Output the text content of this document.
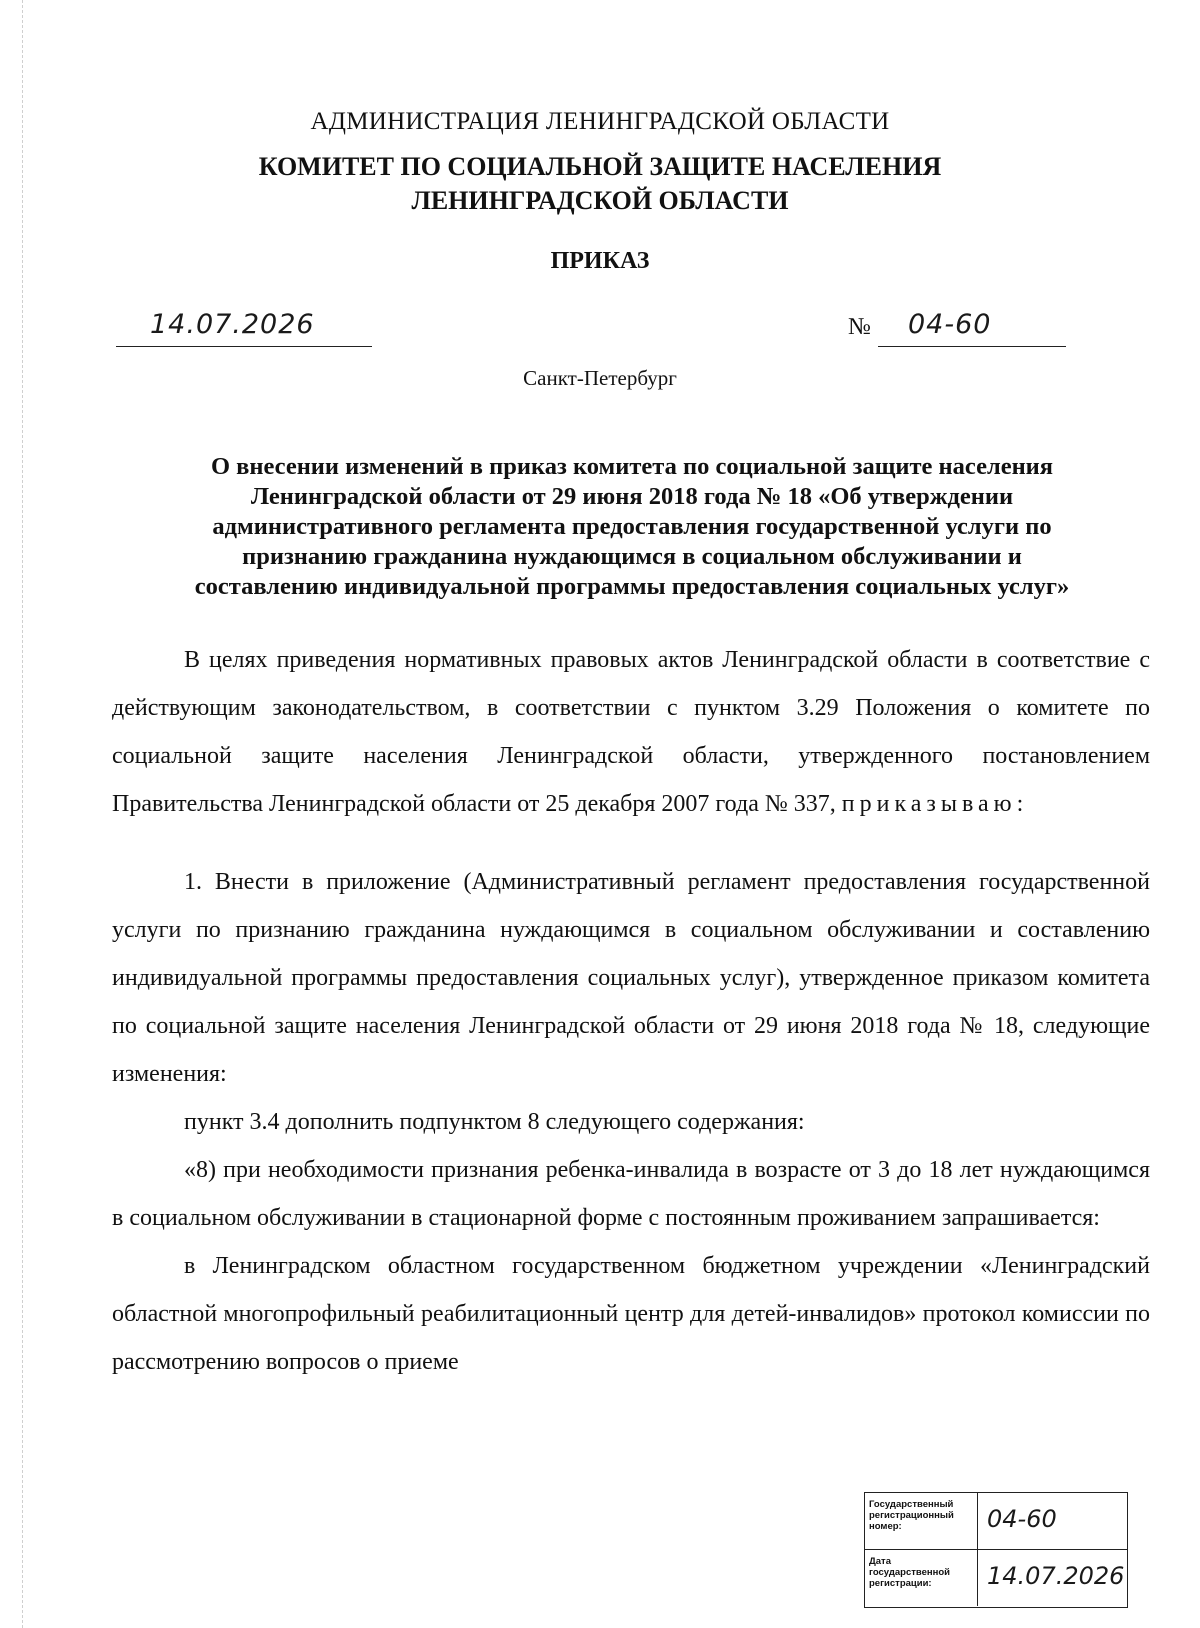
АДМИНИСТРАЦИЯ ЛЕНИНГРАДСКОЙ ОБЛАСТИ
КОМИТЕТ ПО СОЦИАЛЬНОЙ ЗАЩИТЕ НАСЕЛЕНИЯ
ЛЕНИНГРАДСКОЙ ОБЛАСТИ
ПРИКАЗ
14.07.2026	№ 04-60
Санкт-Петербург
О внесении изменений в приказ комитета по социальной защите населения
Ленинградской области от 29 июня 2018 года № 18 «Об утверждении
административного регламента предоставления государственной услуги по
признанию гражданина нуждающимся в социальном обслуживании и
составлению индивидуальной программы предоставления социальных услуг»

В целях приведения нормативных правовых актов Ленинградской области в соответствие с действующим законодательством, в соответствии с пунктом 3.29 Положения о комитете по социальной защите населения Ленинградской области, утвержденного постановлением Правительства Ленинградской области от 25 декабря 2007 года № 337, приказываю:

1. Внести в приложение (Административный регламент предоставления государственной услуги по признанию гражданина нуждающимся в социальном обслуживании и составлению индивидуальной программы предоставления социальных услуг), утвержденное приказом комитета по социальной защите населения Ленинградской области от 29 июня 2018 года № 18, следующие изменения:

пункт 3.4 дополнить подпунктом 8 следующего содержания:

«8) при необходимости признания ребенка-инвалида в возрасте от 3 до 18 лет нуждающимся в социальном обслуживании в стационарной форме с постоянным проживанием запрашивается:

в Ленинградском областном государственном бюджетном учреждении «Ленинградский областной многопрофильный реабилитационный центр для детей-инвалидов» протокол комиссии по рассмотрению вопросов о приеме

Государственный регистрационный номер:	04-60
Дата государственной регистрации:	14.07.2026
